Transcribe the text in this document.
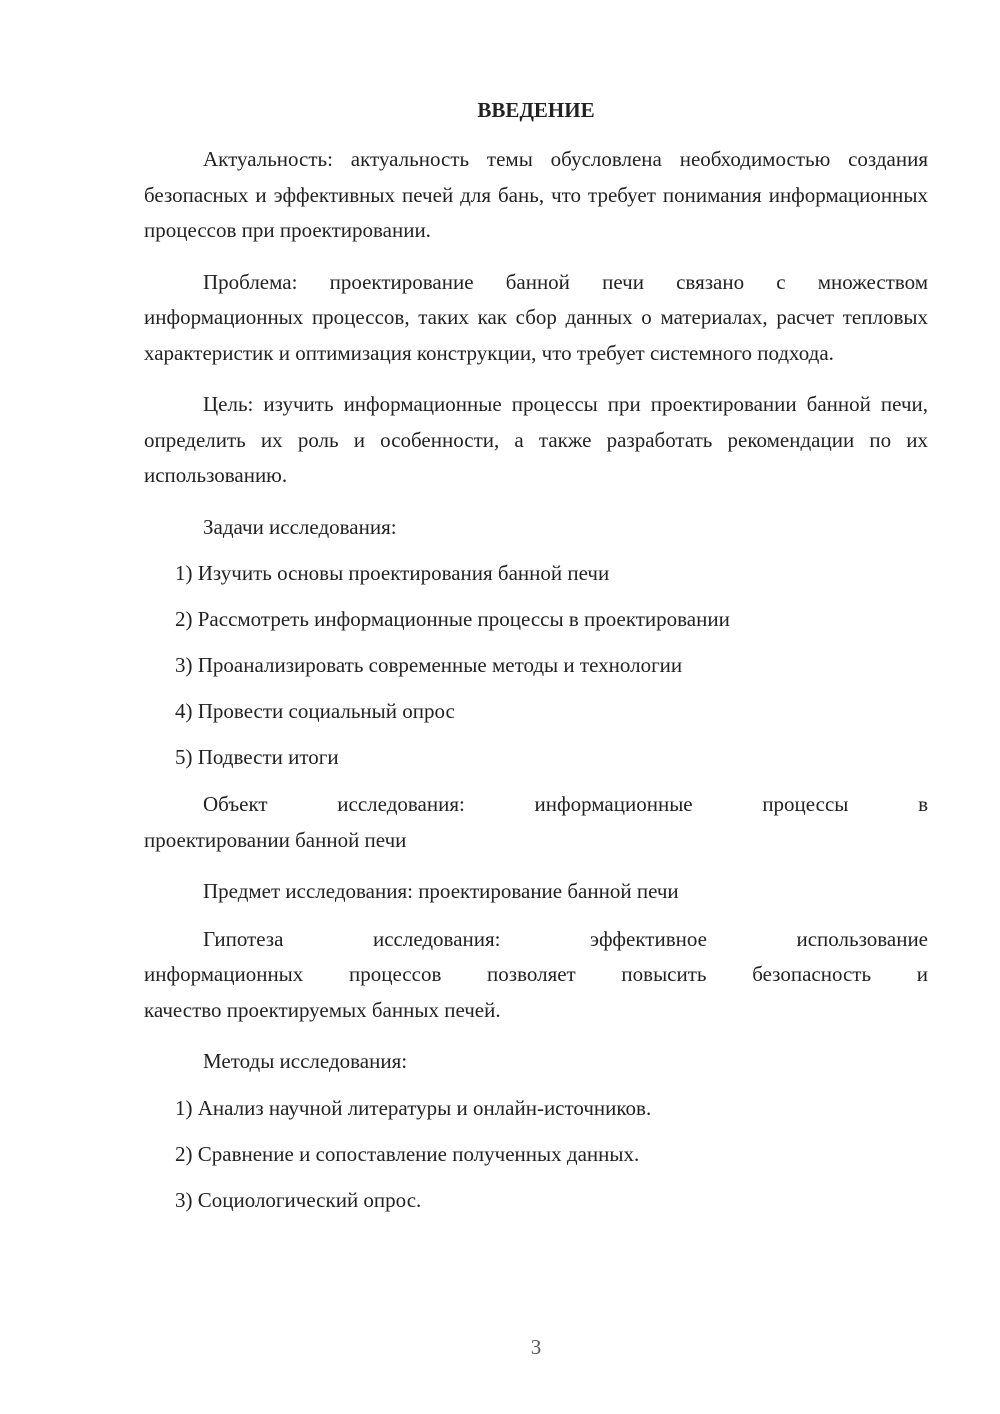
ВВЕДЕНИЕ

Актуальность: актуальность темы обусловлена необходимостью создания безопасных и эффективных печей для бань, что требует понимания информационных процессов при проектировании.

Проблема: проектирование банной печи связано с множеством информационных процессов, таких как сбор данных о материалах, расчет тепловых характеристик и оптимизация конструкции, что требует системного подхода.

Цель: изучить информационные процессы при проектировании банной печи, определить их роль и особенности, а также разработать рекомендации по их использованию.

Задачи исследования:

1) Изучить основы проектирования банной печи

2) Рассмотреть информационные процессы в проектировании

3) Проанализировать современные методы и технологии

4) Провести социальный опрос

5) Подвести итоги

Объект исследования: информационные процессы в

проектировании банной печи

Предмет исследования: проектирование банной печи

Гипотеза исследования: эффективное использование

информационных процессов позволяет повысить безопасность и

качество проектируемых банных печей.

Методы исследования:

1) Анализ научной литературы и онлайн-источников.

2) Сравнение и сопоставление полученных данных.

3) Социологический опрос.

3
